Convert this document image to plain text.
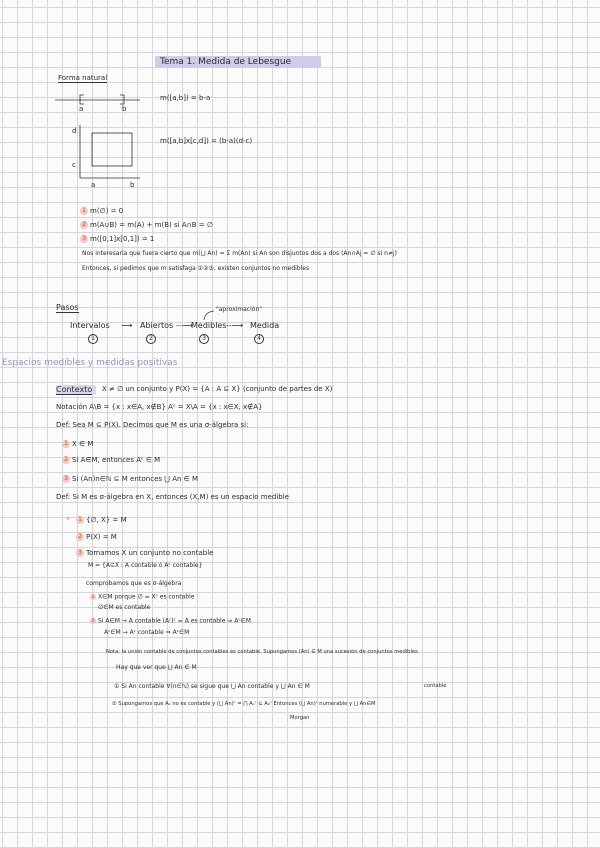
Tema 1. Medida de Lebesgue
Forma natural
a	b
m([a,b]) = b-a
d
c
a	b
m([a,b]x[c,d]) = (b-a)(d-c)
1 m(∅) = 0
2 m(A∪B) = m(A) + m(B) si A∩B = ∅
3 m([0,1]x[0,1]) = 1
Nos interesaría que fuera cierto que m(⋃ An) = Σ m(An) si An son disjuntos dos a dos (An∩Aj = ∅ si n≠j)
Entonces, si pedimos que m satisfaga ①②③, existen conjuntos no medibles
Pasos	"aproximación"
Intervalos ⟶ Abiertos --⟶
Medibles --⟶ Medida
1	2	3	4
Espacios medibles y medidas positivas
Contexto X ≠ ∅ un conjunto y P(X) = {A : A ⊆ X} (conjunto de partes de X)
Notación A\B = {x : x∈A, x∉B} Aᶜ = X\A = {x : x∈X, x∉A}
Def: Sea M ⊆ P(X). Decimos que M es una σ-álgebra si:
1 X ∈ M
2 Si A∈M, entonces Aᶜ ∈ M
3 Si (An)n∈ℕ ⊆ M entonces ⋃ An ∈ M
Def: Si M es σ-álgebra en X, entonces (X,M) es un espacio medible
•	1 {∅, X} = M
2 P(X) = M
3 Tomamos X un conjunto no contable
M = {A⊆X : A contable ó Aᶜ contable}
comprobamos que es σ-álgebra
1 X∈M porque ∅ = Xᶜ es contable
∅∈M es contable
2 Si A∈M → A contable (Aᶜ)ᶜ = A es contable ⇒ Aᶜ∈M
Aᶜ∈M → Aᶜ contable ⇒ Aᶜ∈M
Nota: la unión contable de conjuntos contables es contable. Supongamos (An) ∈ M una sucesión de conjuntos medibles
Hay que ver que ⋃ An ∈ M
contable
① Si An contable ∀(n∈ℕ) se sigue que ⋃ An contable y ⋃ An ∈ M
② Supongamos que A₁ no es contable y (⋃ An)ᶜ = ⋂ Aₙᶜ ⊆ A₁ᶜ Entonces (⋃ An)ᶜ numerable y ⋃ An∈M
Morgan
